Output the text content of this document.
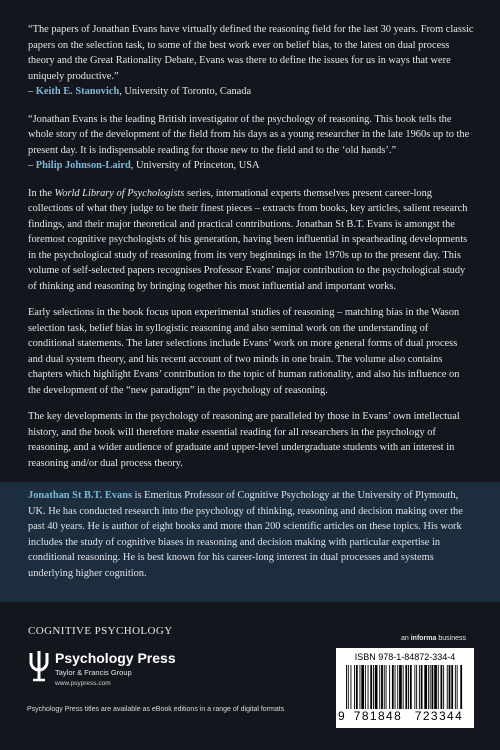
“The papers of Jonathan Evans have virtually defined the reasoning field for the last 30 years. From classic papers on the selection task, to some of the best work ever on belief bias, to the latest on dual process theory and the Great Rationality Debate, Evans was there to define the issues for us in ways that were uniquely productive.”
– Keith E. Stanovich, University of Toronto, Canada

“Jonathan Evans is the leading British investigator of the psychology of reasoning. This book tells the whole story of the development of the field from his days as a young researcher in the late 1960s up to the present day. It is indispensable reading for those new to the field and to the ‘old hands’.”
– Philip Johnson-Laird, University of Princeton, USA

In the World Library of Psychologists series, international experts themselves present career-long collections of what they judge to be their finest pieces – extracts from books, key articles, salient research findings, and their major theoretical and practical contributions. Jonathan St B.T. Evans is amongst the foremost cognitive psychologists of his generation, having been influential in spearheading developments in the psychological study of reasoning from its very beginnings in the 1970s up to the present day. This volume of self-selected papers recognises Professor Evans’ major contribution to the psychological study of thinking and reasoning by bringing together his most influential and important works.

Early selections in the book focus upon experimental studies of reasoning – matching bias in the Wason selection task, belief bias in syllogistic reasoning and also seminal work on the understanding of conditional statements. The later selections include Evans’ work on more general forms of dual process and dual system theory, and his recent account of two minds in one brain. The volume also contains chapters which highlight Evans’ contribution to the topic of human rationality, and also his influence on the development of the “new paradigm” in the psychology of reasoning.

The key developments in the psychology of reasoning are paralleled by those in Evans’ own intellectual history, and the book will therefore make essential reading for all researchers in the psychology of reasoning, and a wider audience of graduate and upper-level undergraduate students with an interest in reasoning and/or dual process theory.

Jonathan St B.T. Evans is Emeritus Professor of Cognitive Psychology at the University of Plymouth, UK. He has conducted research into the psychology of thinking, reasoning and decision making over the past 40 years. He is author of eight books and more than 200 scientific articles on these topics. His work includes the study of cognitive biases in reasoning and decision making with particular expertise in conditional reasoning. He is best known for his career-long interest in dual processes and systems underlying higher cognition.

COGNITIVE PSYCHOLOGY
an informa business
Psychology Press
Taylor & Francis Group
www.psypress.com
Psychology Press titles are available as eBook editions in a range of digital formats
ISBN 978-1-84872-334-4
9 781848 723344
